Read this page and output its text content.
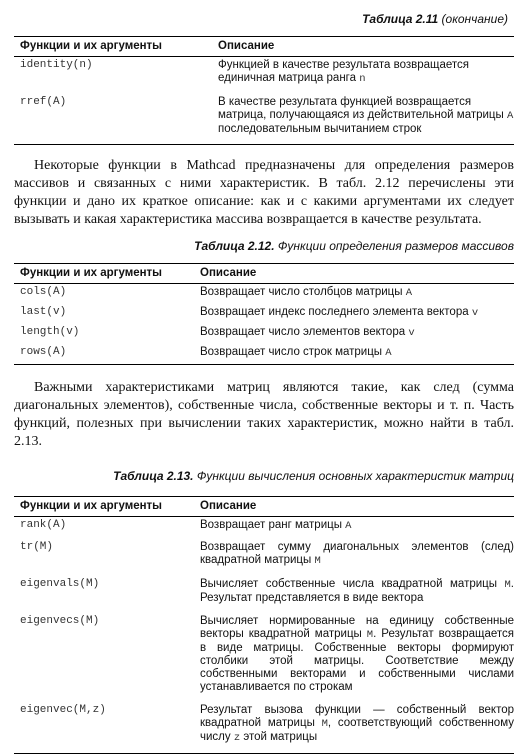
Таблица 2.11 (окончание)
Функции и их аргументы	Описание
identity(n)	Функцией в качестве результата возвращается единичная матрица ранга n
rref(A)	В качестве результата функцией возвращается матрица, получающаяся из действительной матрицы A последовательным вычитанием строк

Некоторые функции в Mathcad предназначены для определения размеров массивов и связанных с ними характеристик. В табл. 2.12 перечислены эти функции и дано их краткое описание: как и с какими аргументами их следует вызывать и какая характеристика массива возвращается в качестве результата.

Таблица 2.12. Функции определения размеров массивов
Функции и их аргументы	Описание
cols(A)	Возвращает число столбцов матрицы A
last(v)	Возвращает индекс последнего элемента вектора v
length(v)	Возвращает число элементов вектора v
rows(A)	Возвращает число строк матрицы A

Важными характеристиками матриц являются такие, как след (сумма диагональных элементов), собственные числа, собственные векторы и т. п. Часть функций, полезных при вычислении таких характеристик, можно найти в табл. 2.13.

Таблица 2.13. Функции вычисления основных характеристик матриц
Функции и их аргументы	Описание
rank(A)	Возвращает ранг матрицы A
tr(M)	Возвращает сумму диагональных элементов (след) квадратной матрицы M
eigenvals(M)	Вычисляет собственные числа квадратной матрицы M. Результат представляется в виде вектора
eigenvecs(M)	Вычисляет нормированные на единицу собственные векторы квадратной матрицы M. Результат возвращается в виде матрицы. Собственные векторы формируют столбики этой матрицы. Соответствие между собственными векторами и собственными числами устанавливается по строкам
eigenvec(M,z)	Результат вызова функции — собственный вектор квадратной матрицы M, соответствующий собственному числу z этой матрицы
